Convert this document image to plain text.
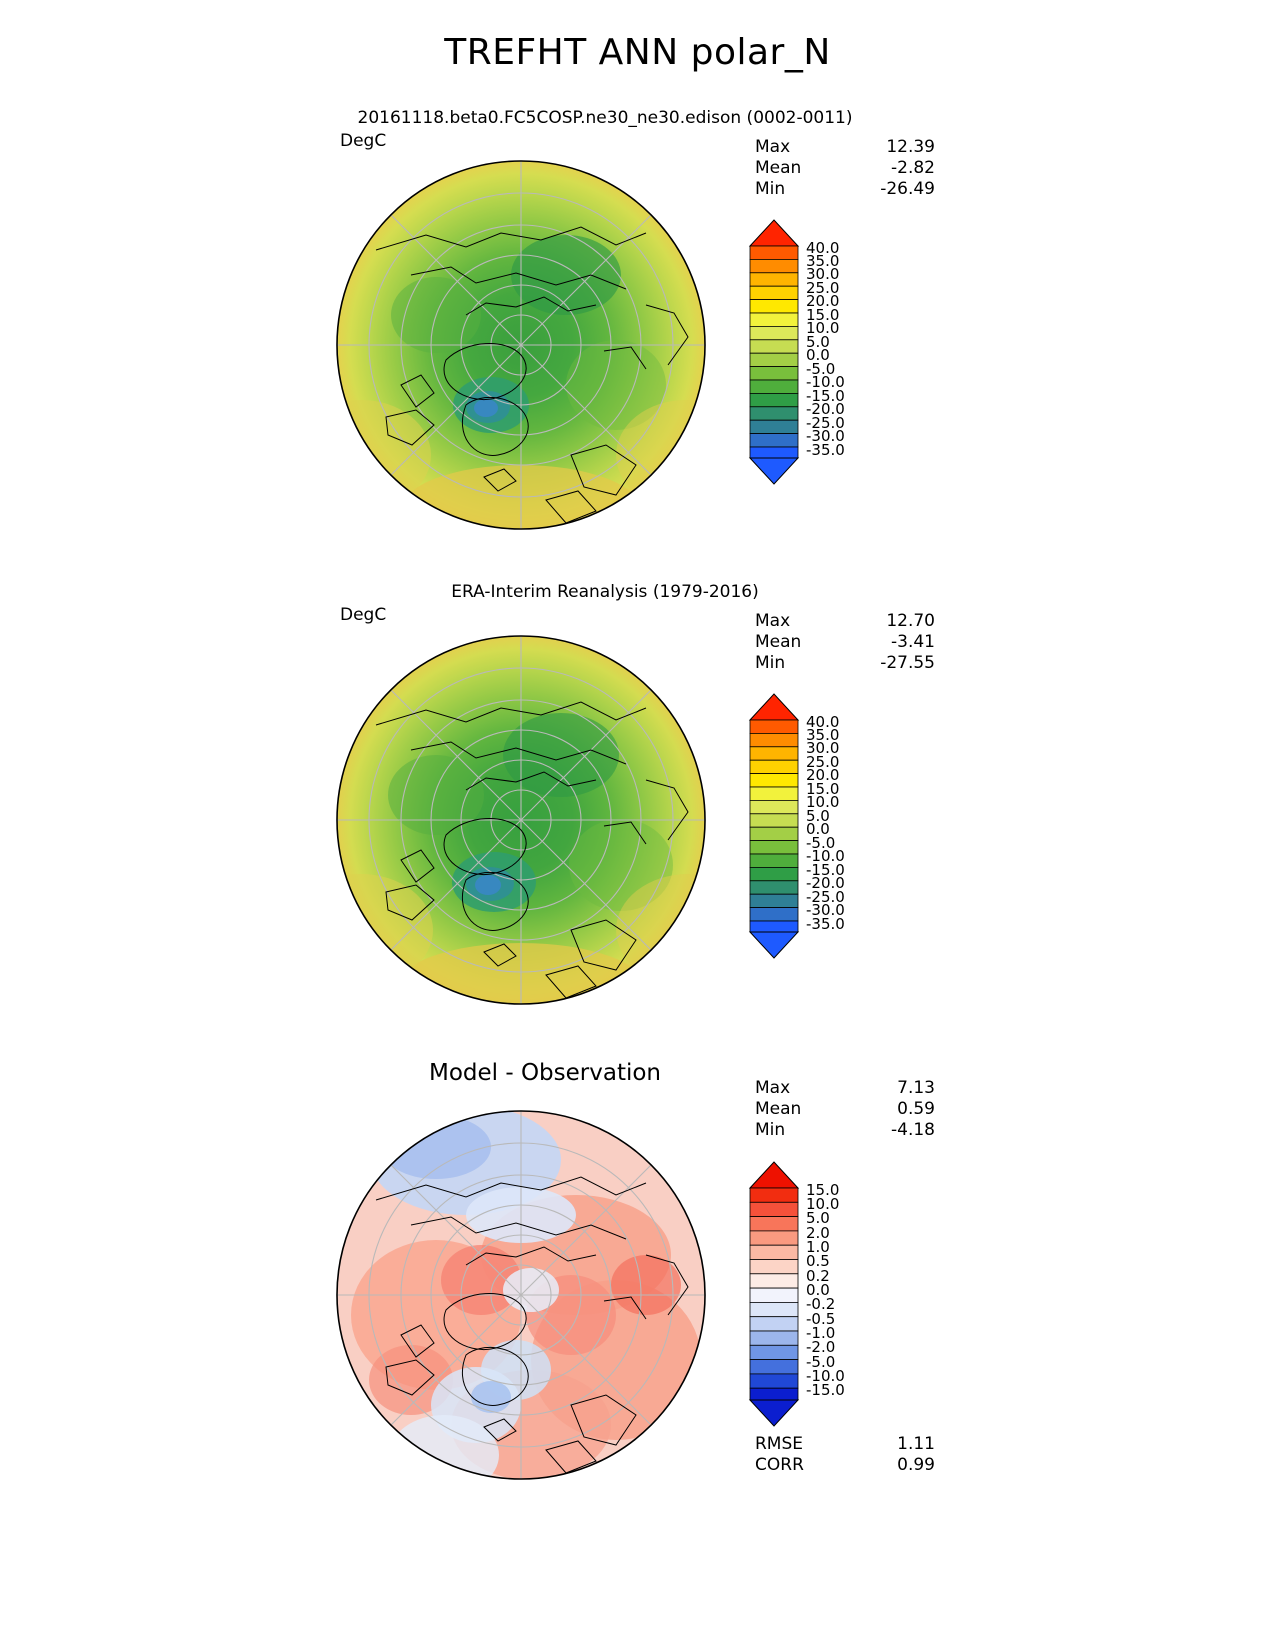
TREFHT ANN polar_N
20161118.beta0.FC5COSP.ne30_ne30.edison (0002-0011)
DegC	Max	12.39
Mean	-2.82
Min	-26.49
40.0
35.0
30.0
25.0
20.0
15.0
10.0
5.0
0.0
-5.0
-10.0
-15.0
-20.0
-25.0
-30.0
-35.0
ERA-Interim Reanalysis (1979-2016)
DegC	Max	12.70
Mean	-3.41
Min	-27.55
40.0
35.0
30.0
25.0
20.0
15.0
10.0
5.0
0.0
-5.0
-10.0
-15.0
-20.0
-25.0
-30.0
-35.0
Model - Observation
Max	7.13
Mean	0.59
Min	-4.18
15.0
10.0
5.0
2.0
1.0
0.5
0.2
0.0
-0.2
-0.5
-1.0
-2.0
-5.0
-10.0
-15.0
RMSE	1.11
CORR	0.99
